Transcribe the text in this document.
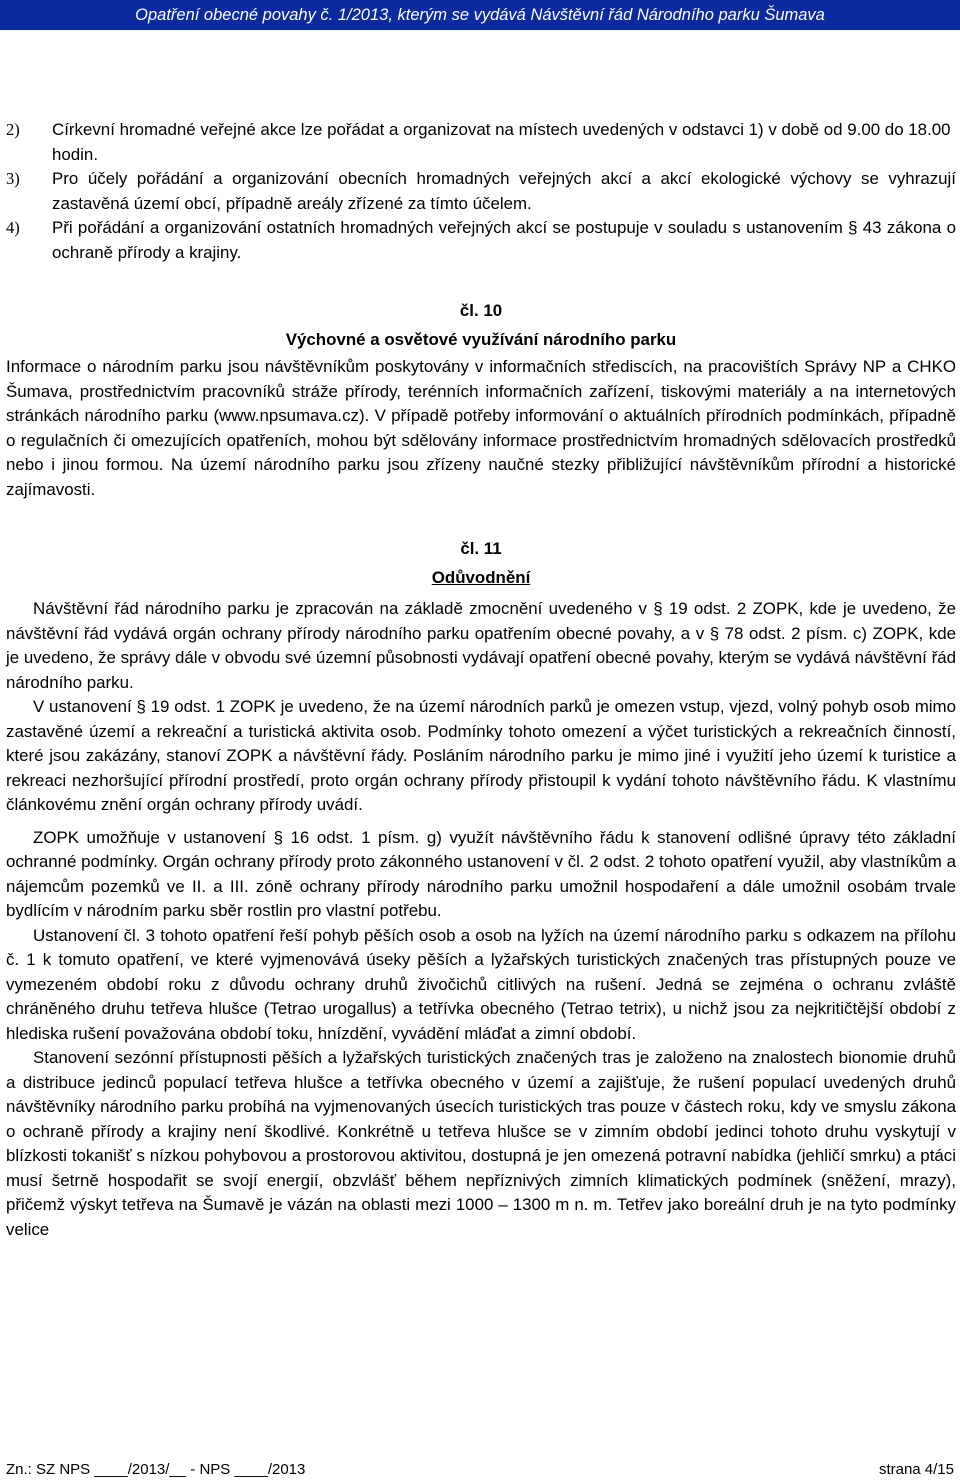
Opatření obecné povahy č. 1/2013, kterým se vydává Návštěvní řád Národního parku Šumava

2) Církevní hromadné veřejné akce lze pořádat a organizovat na místech uvedených v odstavci 1) v době od 9.00 do 18.00 hodin.

3) Pro účely pořádání a organizování obecních hromadných veřejných akcí a akcí ekologické výchovy se vyhrazují zastavěná území obcí, případně areály zřízené za tímto účelem.

4) Při pořádání a organizování ostatních hromadných veřejných akcí se postupuje v souladu s ustanovením § 43 zákona o ochraně přírody a krajiny.

čl. 10

Výchovné a osvětové využívání národního parku

Informace o národním parku jsou návštěvníkům poskytovány v informačních střediscích, na pracovištích Správy NP a CHKO Šumava, prostřednictvím pracovníků stráže přírody, terénních informačních zařízení, tiskovými materiály a na internetových stránkách národního parku (www.npsumava.cz). V případě potřeby informování o aktuálních přírodních podmínkách, případně o regulačních či omezujících opatřeních, mohou být sdělovány informace prostřednictvím hromadných sdělovacích prostředků nebo i jinou formou. Na území národního parku jsou zřízeny naučné stezky přibližující návštěvníkům přírodní a historické zajímavosti.

čl. 11

Odůvodnění

Návštěvní řád národního parku je zpracován na základě zmocnění uvedeného v § 19 odst. 2 ZOPK, kde je uvedeno, že návštěvní řád vydává orgán ochrany přírody národního parku opatřením obecné povahy, a v § 78 odst. 2 písm. c) ZOPK, kde je uvedeno, že správy dále v obvodu své územní působnosti vydávají opatření obecné povahy, kterým se vydává návštěvní řád národního parku.

V ustanovení § 19 odst. 1 ZOPK je uvedeno, že na území národních parků je omezen vstup, vjezd, volný pohyb osob mimo zastavěné území a rekreační a turistická aktivita osob. Podmínky tohoto omezení a výčet turistických a rekreačních činností, které jsou zakázány, stanoví ZOPK a návštěvní řády. Posláním národního parku je mimo jiné i využití jeho území k turistice a rekreaci nezhoršující přírodní prostředí, proto orgán ochrany přírody přistoupil k vydání tohoto návštěvního řádu. K vlastnímu článkovému znění orgán ochrany přírody uvádí.

ZOPK umožňuje v ustanovení § 16 odst. 1 písm. g) využít návštěvního řádu k stanovení odlišné úpravy této základní ochranné podmínky. Orgán ochrany přírody proto zákonného ustanovení v čl. 2 odst. 2 tohoto opatření využil, aby vlastníkům a nájemcům pozemků ve II. a III. zóně ochrany přírody národního parku umožnil hospodaření a dále umožnil osobám trvale bydlícím v národním parku sběr rostlin pro vlastní potřebu.

Ustanovení čl. 3 tohoto opatření řeší pohyb pěších osob a osob na lyžích na území národního parku s odkazem na přílohu č. 1 k tomuto opatření, ve které vyjmenovává úseky pěších a lyžařských turistických značených tras přístupných pouze ve vymezeném období roku z důvodu ochrany druhů živočichů citlivých na rušení. Jedná se zejména o ochranu zvláště chráněného druhu tetřeva hlušce (Tetrao urogallus) a tetřívka obecného (Tetrao tetrix), u nichž jsou za nejkritičtější období z hlediska rušení považována období toku, hnízdění, vyvádění mláďat a zimní období.

Stanovení sezónní přístupnosti pěších a lyžařských turistických značených tras je založeno na znalostech bionomie druhů a distribuce jedinců populací tetřeva hlušce a tetřívka obecného v území a zajišťuje, že rušení populací uvedených druhů návštěvníky národního parku probíhá na vyjmenovaných úsecích turistických tras pouze v částech roku, kdy ve smyslu zákona o ochraně přírody a krajiny není škodlivé. Konkrétně u tetřeva hlušce se v zimním období jedinci tohoto druhu vyskytují v blízkosti tokanišť s nízkou pohybovou a prostorovou aktivitou, dostupná je jen omezená potravní nabídka (jehličí smrku) a ptáci musí šetrně hospodařit se svojí energií, obzvlášť během nepříznivých zimních klimatických podmínek (sněžení, mrazy), přičemž výskyt tetřeva na Šumavě je vázán na oblasti mezi 1000 – 1300 m n. m. Tetřev jako boreální druh je na tyto podmínky velice

Zn.: SZ NPS ____/2013/__ - NPS ____/2013	strana 4/15
